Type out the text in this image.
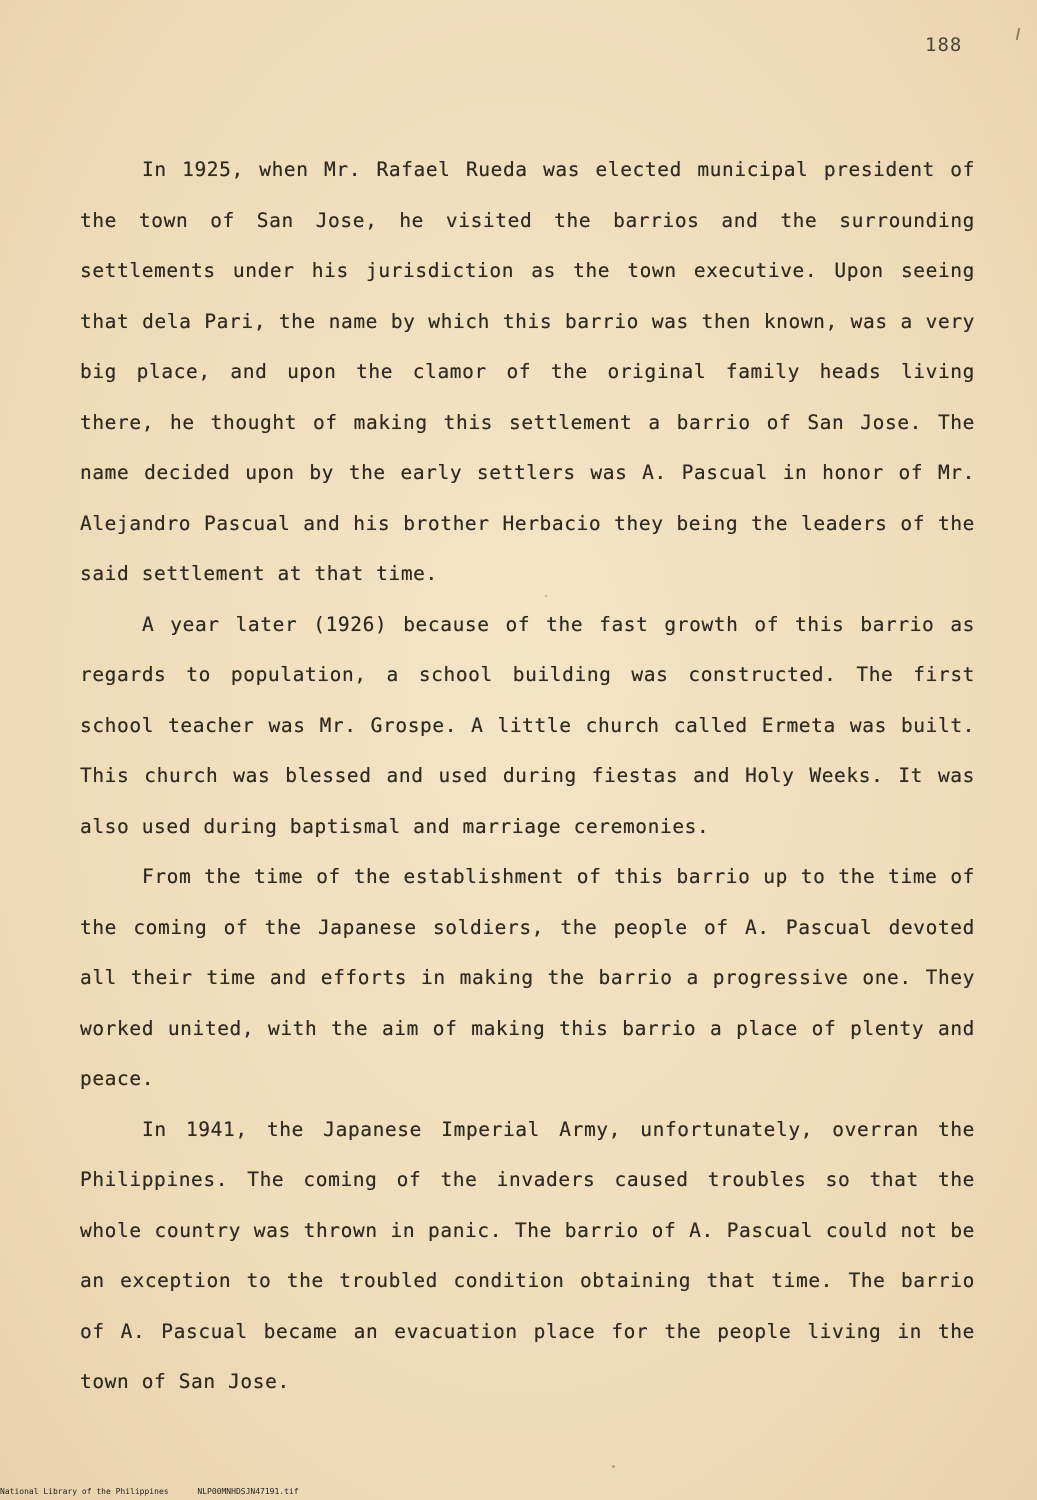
188

In 1925, when Mr. Rafael Rueda was elected municipal president of the town of San Jose, he visited the barrios and the surrounding settlements under his jurisdiction as the town executive. Upon seeing that dela Pari, the name by which this barrio was then known, was a very big place, and upon the clamor of the original family heads living there, he thought of making this settlement a barrio of San Jose. The name decided upon by the early settlers was A. Pascual in honor of Mr. Alejandro Pascual and his brother Herbacio they being the leaders of the said settlement at that time.

A year later (1926) because of the fast growth of this barrio as regards to population, a school building was constructed. The first school teacher was Mr. Grospe. A little church called Ermeta was built. This church was blessed and used during fiestas and Holy Weeks. It was also used during baptismal and marriage ceremonies.

From the time of the establishment of this barrio up to the time of the coming of the Japanese soldiers, the people of A. Pascual devoted all their time and efforts in making the barrio a progressive one. They worked united, with the aim of making this barrio a place of plenty and peace.

In 1941, the Japanese Imperial Army, unfortunately, overran the Philippines. The coming of the invaders caused troubles so that the whole country was thrown in panic. The barrio of A. Pascual could not be an exception to the troubled condition obtaining that time. The barrio of A. Pascual became an evacuation place for the people living in the town of San Jose.

National Library of the Philippines	NLP00MNHDSJN47191.tif
